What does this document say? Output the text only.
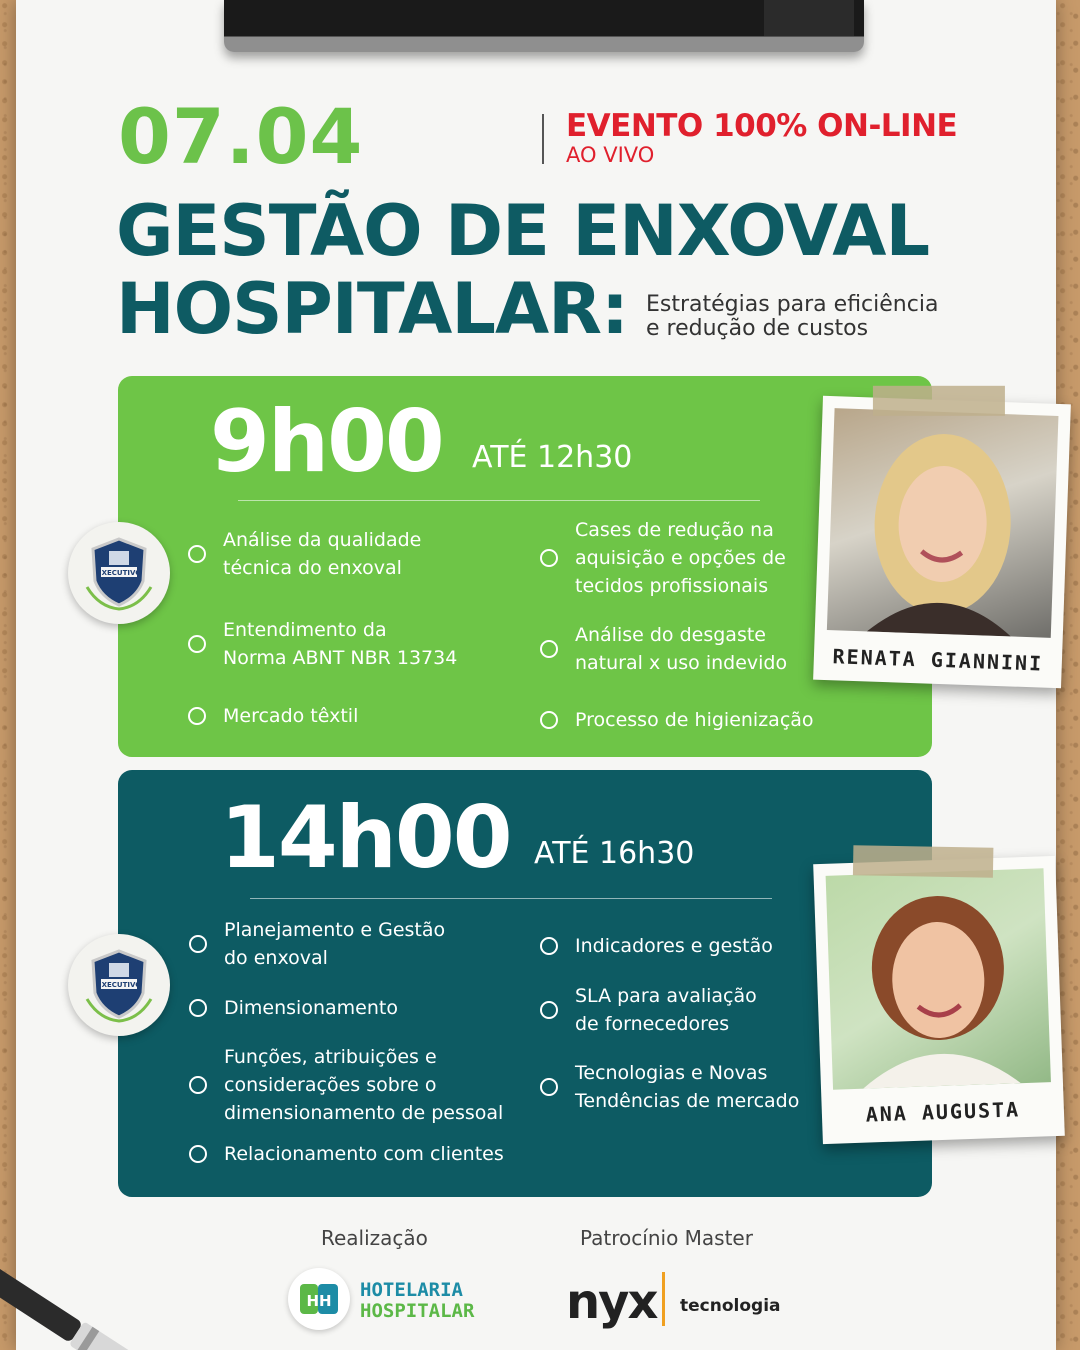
07.04	EVENTO 100% ON-LINE
AO VIVO
GESTÃO DE ENXOVAL
HOSPITALAR: Estratégias para eficiência
e redução de custos
9h00 ATÉ 12h30
Análise da qualidade
técnica do enxoval
Entendimento da
Norma ABNT NBR 13734
Mercado têxtil
Cases de redução na
aquisição e opções de
tecidos profissionais
Análise do desgaste
natural x uso indevido
Processo de higienização
EXECUTIVO
RENATA GIANNINI
14h00 ATÉ 16h30
Planejamento e Gestão
do enxoval
Dimensionamento
Funções, atribuições e
considerações sobre o
dimensionamento de pessoal
Relacionamento com clientes
Indicadores e gestão
SLA para avaliação
de fornecedores
Tecnologias e Novas
Tendências de mercado
EXECUTIVO
ANA AUGUSTA
Realização	Patrocínio Master
HH HOTELARIA
HOSPITALAR nyx tecnologia
